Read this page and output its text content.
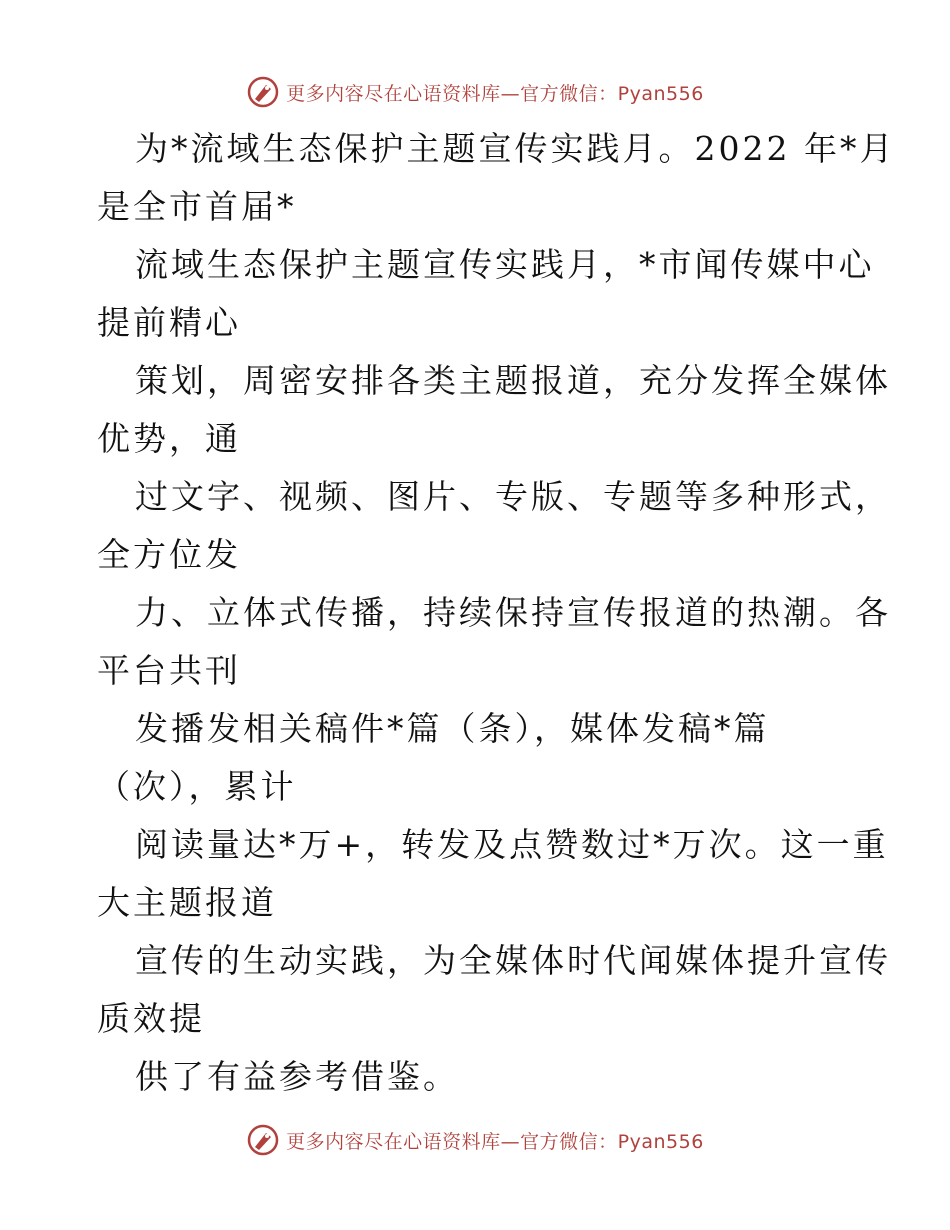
更多内容尽在心语资料库—官方微信：Pyan556
为*流域生态保护主题宣传实践月。2022 年*月
是全市首届*
流域生态保护主题宣传实践月，*市闻传媒中心
提前精心
策划，周密安排各类主题报道，充分发挥全媒体
优势，通
过文字、视频、图片、专版、专题等多种形式，
全方位发
力、立体式传播，持续保持宣传报道的热潮。各
平台共刊
发播发相关稿件*篇（条），媒体发稿*篇
（次），累计
阅读量达*万+，转发及点赞数过*万次。这一重
大主题报道
宣传的生动实践，为全媒体时代闻媒体提升宣传
质效提
供了有益参考借鉴。
更多内容尽在心语资料库—官方微信：Pyan556
